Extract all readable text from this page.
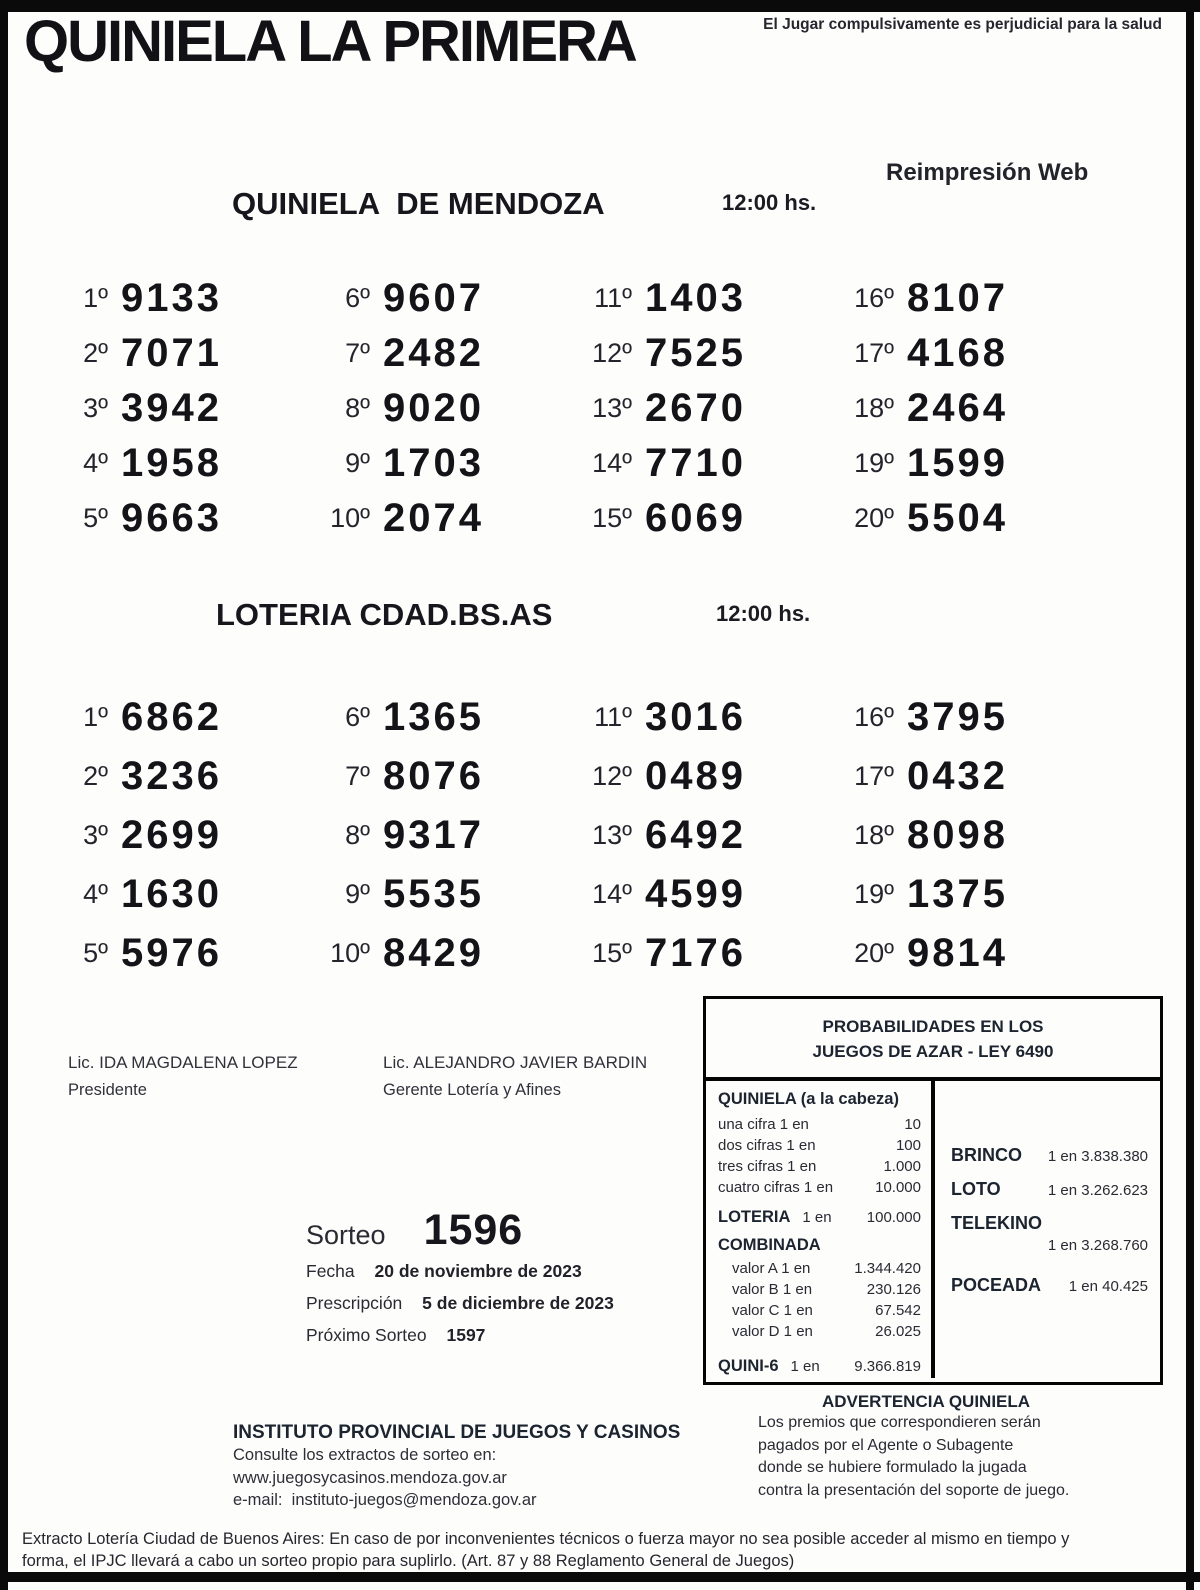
QUINIELA LA PRIMERA	El Jugar compulsivamente es perjudicial para la salud
Reimpresión Web
QUINIELA  DE MENDOZA	12:00 hs.
1º 9133
2º 7071
3º 3942
4º 1958
5º 9663
6º 9607
7º 2482
8º 9020
9º 1703
10º 2074
11º 1403
12º 7525
13º 2670
14º 7710
15º 6069
16º 8107
17º 4168
18º 2464
19º 1599
20º 5504
LOTERIA CDAD.BS.AS	12:00 hs.
1º 6862
2º 3236
3º 2699
4º 1630
5º 5976
6º 1365
7º 8076
8º 9317
9º 5535
10º 8429
11º 3016
12º 0489
13º 6492
14º 4599
15º 7176
16º 3795
17º 0432
18º 8098
19º 1375
20º 9814
Lic. IDA MAGDALENA LOPEZ
Presidente
Lic. ALEJANDRO JAVIER BARDIN
Gerente Lotería y Afines
PROBABILIDADES EN LOS
JUEGOS DE AZAR - LEY 6490
QUINIELA (a la cabeza)
una cifra 1 en	10
dos cifras 1 en	100
tres cifras 1 en	1.000
cuatro cifras 1 en	10.000
LOTERIA 1 en 100.000
COMBINADA
valor A 1 en	1.344.420
valor B 1 en	230.126
valor C 1 en	67.542
valor D 1 en	26.025
QUINI-6 1 en 9.366.819
BRINCO 1 en 3.838.380
LOTO	1 en 3.262.623
TELEKINO
1 en 3.268.760
POCEADA 1 en 40.425
Sorteo 1596
Fecha 20 de noviembre de 2023
Prescripción 5 de diciembre de 2023
Próximo Sorteo 1597
INSTITUTO PROVINCIAL DE JUEGOS Y CASINOS
Consulte los extractos de sorteo en:
www.juegosycasinos.mendoza.gov.ar
e-mail:  instituto-juegos@mendoza.gov.ar
ADVERTENCIA QUINIELA
Los premios que correspondieren serán
pagados por el Agente o Subagente
donde se hubiere formulado la jugada
contra la presentación del soporte de juego.
Extracto Lotería Ciudad de Buenos Aires: En caso de por inconvenientes técnicos o fuerza mayor no sea posible acceder al mismo en tiempo y
forma, el IPJC llevará a cabo un sorteo propio para suplirlo. (Art. 87 y 88 Reglamento General de Juegos)
